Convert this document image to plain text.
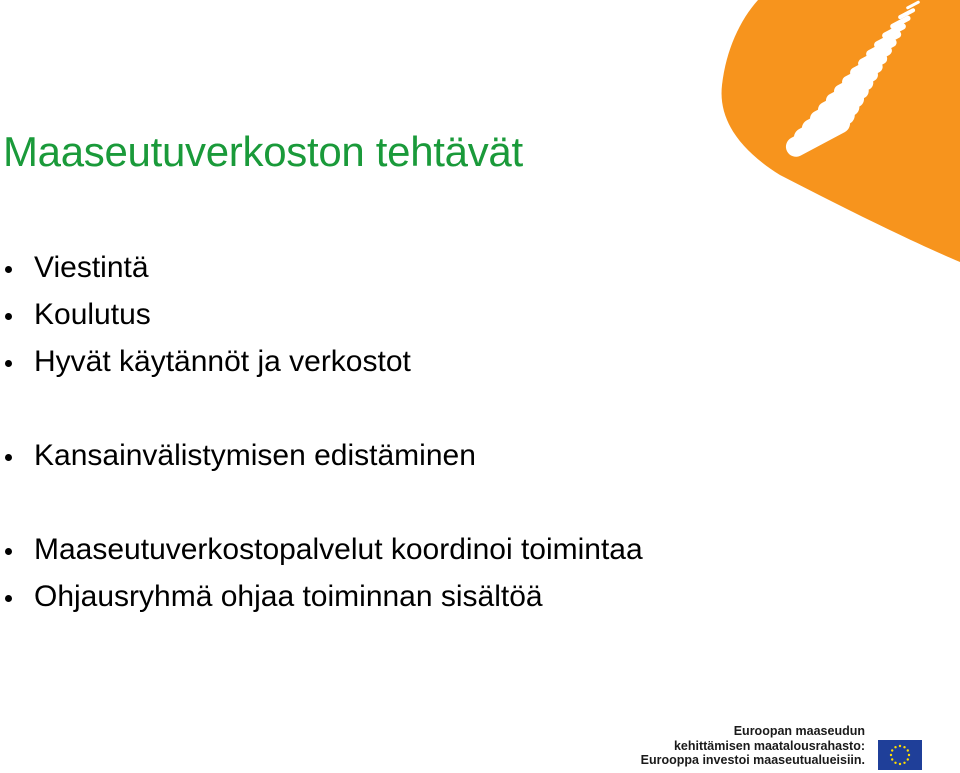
Maaseutuverkoston tehtävät
Viestintä
Koulutus
Hyvät käytännöt ja verkostot
Kansainvälistymisen edistäminen
Maaseutuverkostopalvelut koordinoi toimintaa
Ohjausryhmä ohjaa toiminnan sisältöä
Euroopan maaseudun
kehittämisen maatalousrahasto:
Eurooppa investoi maaseutualueisiin.
